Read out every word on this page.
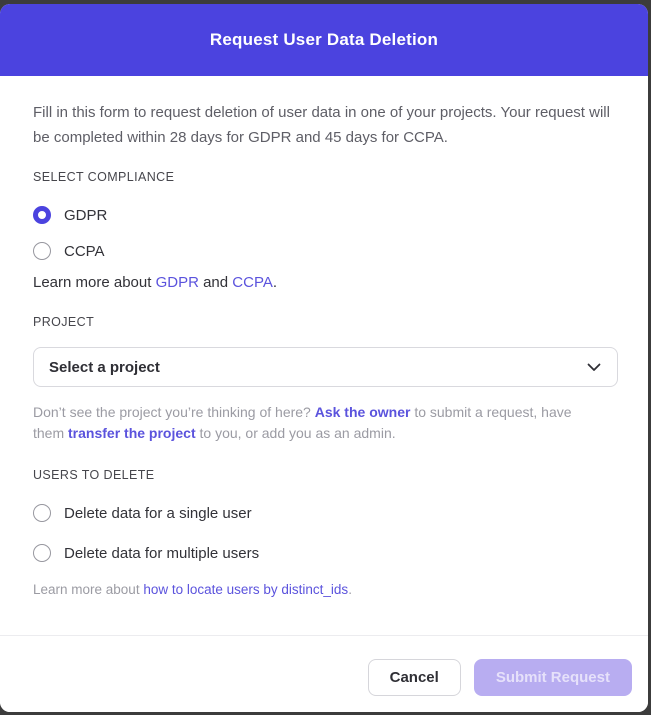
Request User Data Deletion

Fill in this form to request deletion of user data in one of your projects. Your request will be completed within 28 days for GDPR and 45 days for CCPA.

SELECT COMPLIANCE
GDPR
CCPA

Learn more about GDPR and CCPA.

PROJECT
Select a project

Don’t see the project you’re thinking of here? Ask the owner to submit a request, have them transfer the project to you, or add you as an admin.

USERS TO DELETE
Delete data for a single user
Delete data for multiple users

Learn more about how to locate users by distinct_ids.

Cancel	Submit Request
